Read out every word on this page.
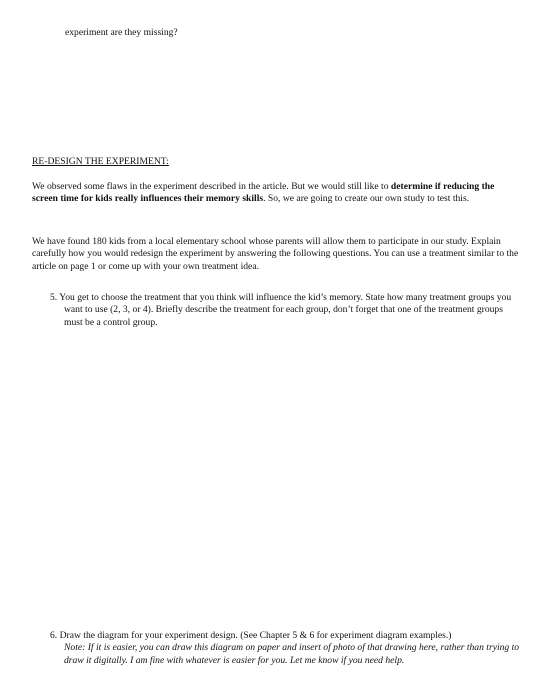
experiment are they missing?

RE-DESIGN THE EXPERIMENT:

We observed some flaws in the experiment described in the article. But we would still like to determine if reducing the screen time for kids really influences their memory skills. So, we are going to create our own study to test this.

We have found 180 kids from a local elementary school whose parents will allow them to participate in our study. Explain carefully how you would redesign the experiment by answering the following questions. You can use a treatment similar to the article on page 1 or come up with your own treatment idea.

5. You get to choose the treatment that you think will influence the kid’s memory. State how many treatment groups you want to use (2, 3, or 4). Briefly describe the treatment for each group, don’t forget that one of the treatment groups must be a control group.

6. Draw the diagram for your experiment design. (See Chapter 5 & 6 for experiment diagram examples.)
Note: If it is easier, you can draw this diagram on paper and insert of photo of that drawing here, rather than trying to draw it digitally. I am fine with whatever is easier for you. Let me know if you need help.
